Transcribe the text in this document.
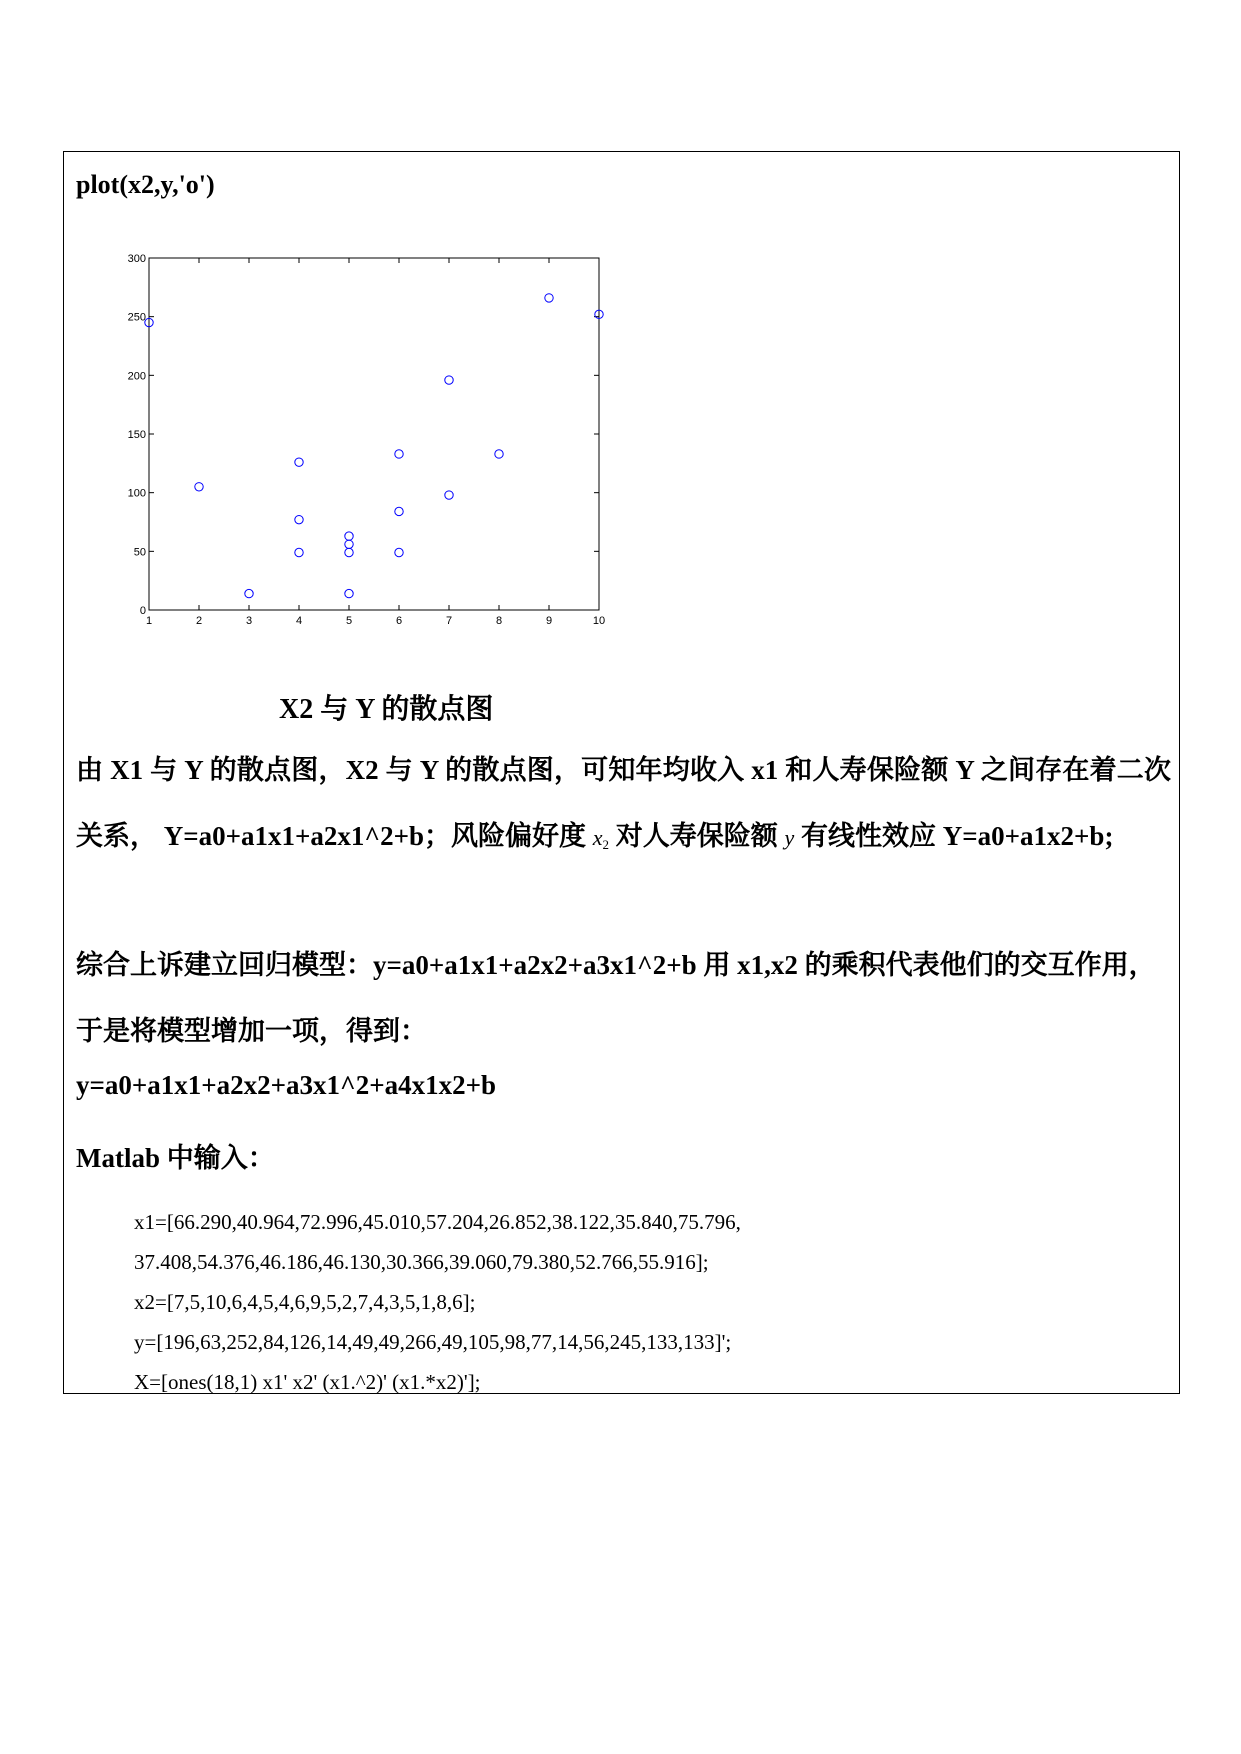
plot(x2,y,'o')

1	2	3	4	5	6	7	8	9	10
0
50
100
150
200
250
300

X2 与 Y 的散点图

由 X1 与 Y 的散点图，X2 与 Y 的散点图，可知年均收入 x1 和人寿保险额 Y 之间存在着二次关系， Y=a0+a1x1+a2x1^2+b；风险偏好度 $x_2$ 对人寿保险额 y 有线性效应 Y=a0+a1x2+b;

综合上诉建立回归模型：y=a0+a1x1+a2x2+a3x1^2+b 用 x1,x2 的乘积代表他们的交互作用，于是将模型增加一项，得到：

y=a0+a1x1+a2x2+a3x1^2+a4x1x2+b

Matlab 中输入：

x1=[66.290,40.964,72.996,45.010,57.204,26.852,38.122,35.840,75.796,
37.408,54.376,46.186,46.130,30.366,39.060,79.380,52.766,55.916];
x2=[7,5,10,6,4,5,4,6,9,5,2,7,4,3,5,1,8,6];
y=[196,63,252,84,126,14,49,49,266,49,105,98,77,14,56,245,133,133]';
X=[ones(18,1) x1' x2' (x1.^2)' (x1.*x2)'];
